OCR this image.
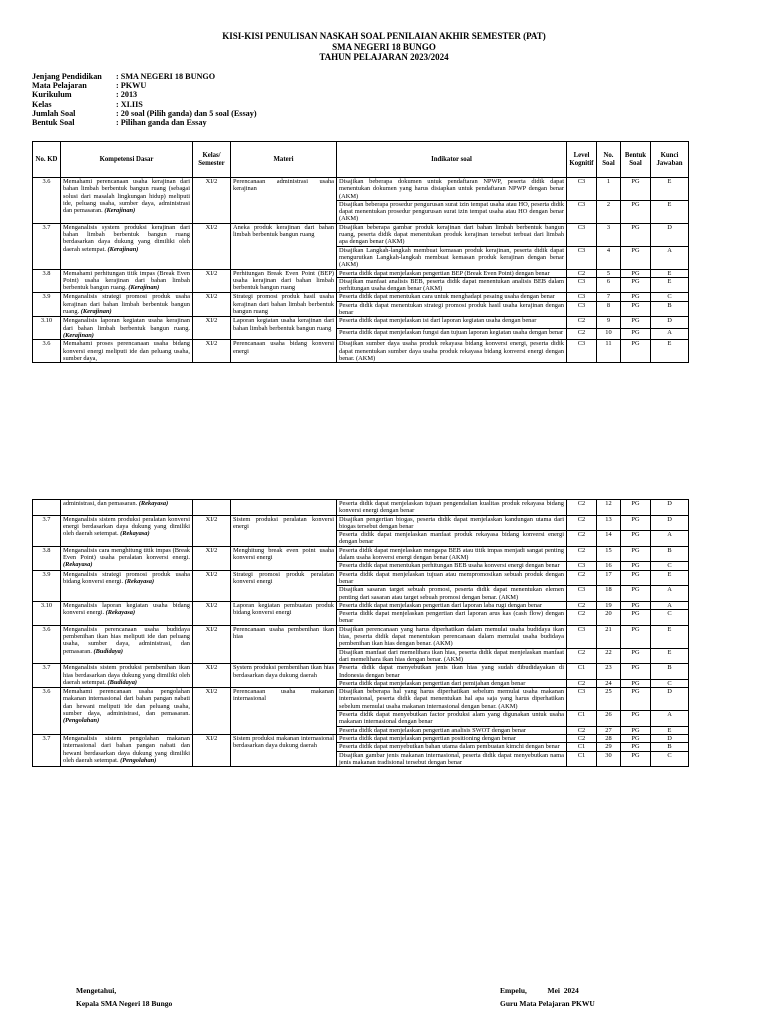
KISI-KISI PENULISAN NASKAH SOAL PENILAIAN AKHIR SEMESTER (PAT)
SMA NEGERI 18 BUNGO
TAHUN PELAJARAN 2023/2024
Jenjang Pendidikan	: SMA NEGERI 18 BUNGO
Mata Pelajaran	: PKWU
Kurikulum	: 2013
Kelas	: XI.IIS
Jumlah Soal	: 20 soal (Pilih ganda) dan 5 soal (Essay)
Bentuk Soal	: Pilihan ganda dan Essay
No. KD	Kompetensi Dasar	Kelas/ Semester	Materi	Indikator soal	Level Kognitif	No. Soal	Bentuk Soal	Kunci Jawaban
3.6	Memahami perencanaan usaha kerajinan dari bahan limbah berbentuk bangun ruang (sebagai solusi dari masalah lingkungan hidup) meliputi ide, peluang usaha, sumber daya, administrasi dan pemasaran. (Kerajinan)	XI/2	Perencanaan administrasi usaha kerajinan	Disajikan beberapa dokumen untuk pendaftaran NPWP, peserta didik dapat menentukan dokumen yang harus disiapkan untuk pendaftaran NPWP dengan benar (AKM)	C3	1	PG	E
				Disajikan beberapa prosedur pengurusan surat izin tempat usaha atau HO, peserta didik dapat menentukan prosedur pengurusan surat izin tempat usaha atau HO dengan benar (AKM)	C3	2	PG	E
3.7	Menganalisis system produksi kerajinan dari bahan limbah berbentuk bangun ruang berdasarkan daya dukung yang dimiliki oleh daerah setempat. (Kerajinan)	XI/2	Aneka produk kerajinan dari bahan limbah berbentuk bangun ruang	Disajikan beberapa gambar produk kerajinan dari bahan limbah berbentuk bangun ruang, peserta didik dapat menentukan produk kerajinan tersebut terbuat dari limbah apa dengan benar (AKM)	C3	3	PG	D
				Disajikan Langkah-langkah membuat kemasan produk kerajinan, peserta didik dapat mengurutkan Langkah-langkah membuat kemasan produk kerajinan dengan benar (AKM)	C3	4	PG	A
3.8	Memahami perhitungan titik impas (Break Even Point) usaha kerajinan dari bahan limbah berbentuk bangun ruang. (Kerajinan)	XI/2	Perhitungan Break Even Point (BEP) usaha kerajinan dari bahan limbah berbentuk bangun ruang	Peserta didik dapat menjelaskan pengertian BEP (Break Even Point) dengan benar	C2	5	PG	E
				Disajikan manfaat analisis BEB, peserta didik dapat menentukan analisis BEB dalam perhitungan usaha dengan benar (AKM)	C3	6	PG	E
3.9	Menganalisis strategi promosi produk usaha kerajinan dari bahan limbah berbentuk bangun ruang. (Kerajinan)	XI/2	Strategi promosi produk hasil usaha kerajinan dari bahan limbah berbentuk bangun ruang	Peserta didik dapat menentukan cara untuk menghadapi pesaing usaha dengan benar	C3	7	PG	C
				Peserta didik dapat menentukan strategi promosi produk hasil usaha kerajinan dengan benar	C3	8	PG	B
3.10	Menganalisis laporan kegiatan usaha kerajinan dari bahan limbah berbentuk bangun ruang. (Kerajinan)	XI/2	Laporan kegiatan usaha kerajinan dari bahan limbah berbentuk bangun ruang	Peserta didik dapat menjelaskan isi dari laporan kegiatan usaha dengan benar	C2	9	PG	D
				Peserta didik dapat menjelaskan fungsi dan tujuan laporan kegiatan usaha dengan benar	C2	10	PG	A
3.6	Memahami proses perencanaan usaha bidang konversi energi meliputi ide dan peluang usaha, sumber daya,	XI/2	Perencanaan usaha bidang konversi energi	Disajikan sumber daya usaha produk rekayasa bidang konversi energi, peserta didik dapat menentukan sumber daya usaha produk rekayasa bidang konversi energi dengan benar. (AKM)	C3	11	PG	E
	administrasi, dan pemasaran. (Rekayasa)			Peserta didik dapat menjelaskan tujuan pengendalian kualitas produk rekayasa bidang konversi energi dengan benar	C2	12	PG	D
3.7	Menganalisis sistem produksi peralatan konversi energi berdasarkan daya dukung yang dimiliki oleh daerah setempat. (Rekayasa)	XI/2	Sistem produksi peralatan konversi energi	Disajikan pengertian biogas, peserta didik dapat menjelaskan kandungan utama dari biogas tersebut dengan benar	C2	13	PG	D
				Peserta didik dapat menjelaskan manfaat produk rekayasa bidang konversi energi dengan benar	C2	14	PG	A
3.8	Menganalisis cara menghitung titik impas (Break Even Point) usaha peralatan konversi energi. (Rekayasa)	XI/2	Menghitung break even point usaha konversi energi	Peserta didik dapat menjelaskan mengapa BEB atau titik impas menjadi sangat penting dalam usaha konversi energi dengan benar (AKM)	C2	15	PG	B
				Peserta didik dapat menentukan perhitungan BEB usaha konversi energi dengan benar	C3	16	PG	C
3.9	Menganalisis strategi promosi produk usaha bidang konversi energi. (Rekayasa)	XI/2	Strategi promosi produk peralatan konversi energi	Peserta didik dapat menjelaskan tujuan atau mempromosikan sebuah produk dengan benar	C2	17	PG	E
				Disajikan sasaran target sebuah promosi, peserta didik dapat menentukan elemen penting dari sasaran atau target sebuah promosi dengan benar. (AKM)	C3	18	PG	A
3.10	Menganalisis laporan kegiatan usaha bidang konversi energi. (Rekayasa)	XI/2	Laporan kegiatan pembuatan produk bidang konversi energi	Peserta didik dapat menjelaskan pengertian dari laporan laba rugi dengan benar	C2	19	PG	A
				Peserta didik dapat menjelaskan pengertian dari laporan arus kas (cash flow) dengan benar	C2	20	PG	C
3.6	Menganalisis perencanaan usaha budidaya pembenihan ikan hias meliputi ide dan peluang usaha, sumber daya, administrasi, dan pemasaran. (Budidaya)	XI/2	Perencanaan usaha pembenihan ikan hias	Disajikan perencanaan yang harus diperhatikan dalam memulai usaha budidaya ikan hias, peserta didik dapat menentukan perencanaan dalam memulai usaha budidaya pembenihan ikan hias dengan benar. (AKM)	C3	21	PG	E
				Disajikan manfaat dari memelihara ikan hias, peserta didik dapat menjelaskan manfaat dari memelihara ikan hias dengan benar. (AKM)	C2	22	PG	E
3.7	Menganalisis sistem produksi pembenihan ikan hias berdasarkan daya dukung yang dimiliki oleh daerah setempat. (Budidaya)	XI/2	System produksi pembenihan ikan hias berdasarkan daya dukung daerah	Peserta didik dapat menyebutkan jenis ikan hias yang sudah dibudidayakan di Indonesia dengan benar	C1	23	PG	B
				Peserta didik dapat menjelaskan pengertian dari pemijahan dengan benar	C2	24	PG	C
3.6	Memahami perencanaan usaha pengolahan makanan internasional dari bahan pangan nabati dan hewani meliputi ide dan peluang usaha, sumber daya, administrasi, dan pemasaran. (Pengolahan)	XI/2	Perencanaan usaha makanan internasional	Disajikan beberapa hal yang harus diperhatikan sebelum memulai usaha makanan internasional, peserta didik dapat menentukan hal apa saja yang harus diperhatikan sebelum memulai usaha makanan internasional dengan benar. (AKM)	C3	25	PG	D
				Peserta didik dapat menyebutkan factor produksi alam yang digunakan untuk usaha makanan internasional dengan benar	C1	26	PG	A
				Peserta didik dapat menjelaskan pengertian analisis SWOT dengan benar	C2	27	PG	E
3.7	Menganalisis sistem pengolahan makanan internasional dari bahan pangan nabati dan hewani berdasarkan daya dukung yang dimiliki oleh daerah setempat. (Pengolahan)	XI/2	Sistem produksi makanan internasional berdasarkan daya dukung daerah	Peserta didik dapat menjelaskan pengertian positioning dengan benar	C2	28	PG	D
				Peserta didik dapat menyebutkan bahan utama dalam pembuatan kimchi dengan benar	C1	29	PG	B
				Disajikan gambar jenis makanan internasional, peserta didik dapat menyebutkan nama jenis makanan tradisional tersebut dengan benar	C1	30	PG	C
Mengetahui,
Kepala SMA Negeri 18 Bungo
Empelu,           Mei  2024
Guru Mata Pelajaran PKWU
